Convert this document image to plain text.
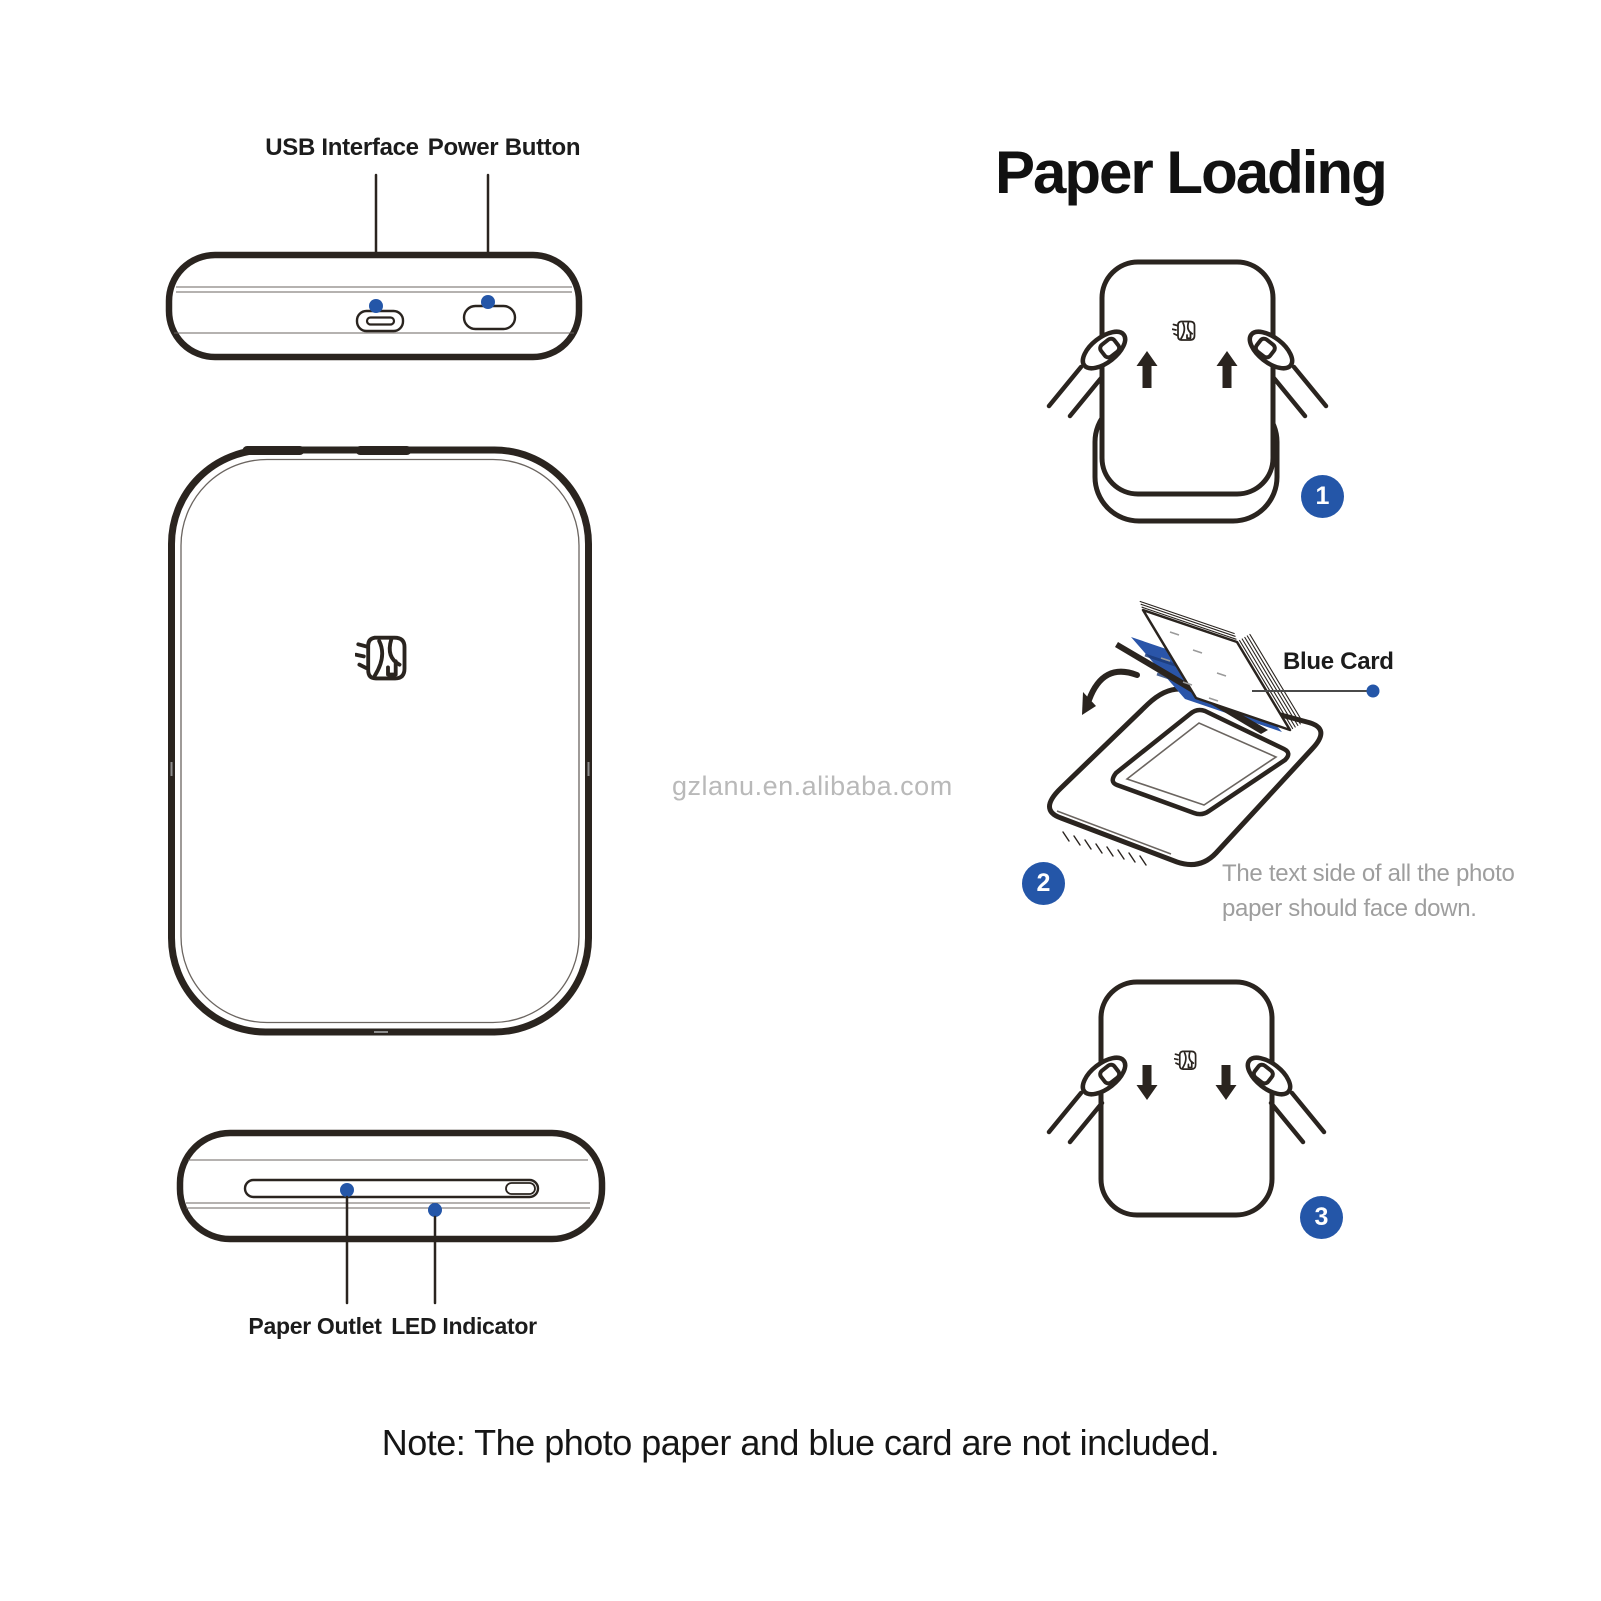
USB Interface Power Button
gzlanu.en.alibaba.com
Paper Outlet LED Indicator
Paper Loading
1
Blue Card
The text side of all the photo
paper should face down.
2
3
Note: The photo paper and blue card are not included.
